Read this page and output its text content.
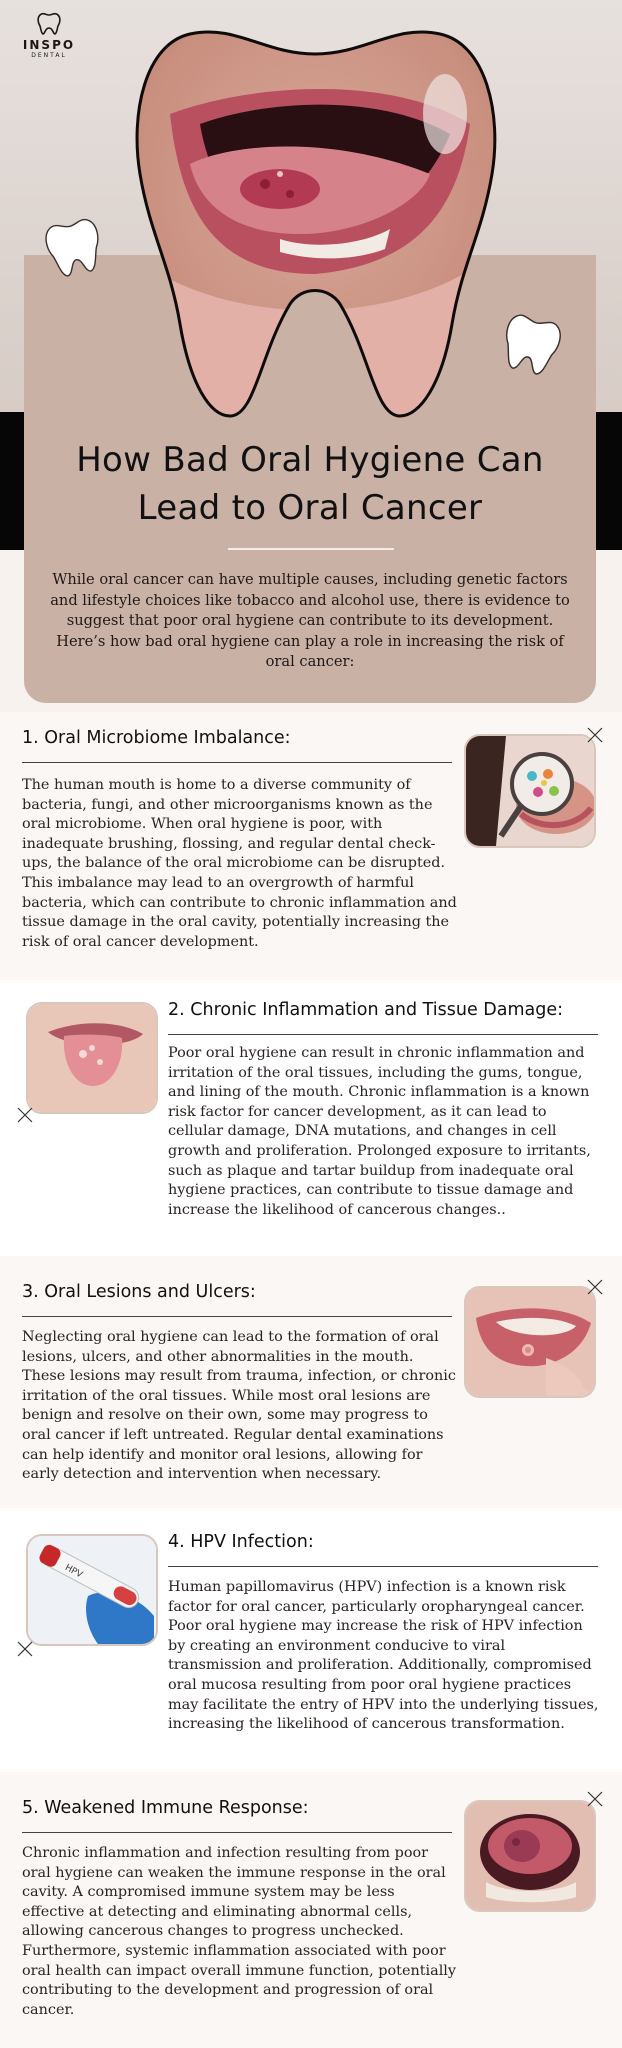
INSPO
DENTAL
How Bad Oral Hygiene Can
Lead to Oral Cancer

While oral cancer can have multiple causes, including genetic factors and lifestyle choices like tobacco and alcohol use, there is evidence to suggest that poor oral hygiene can contribute to its development. Here’s how bad oral hygiene can play a role in increasing the risk of oral cancer:

1. Oral Microbiome Imbalance:

The human mouth is home to a diverse community of bacteria, fungi, and other microorganisms known as the oral microbiome. When oral hygiene is poor, with inadequate brushing, flossing, and regular dental check-ups, the balance of the oral microbiome can be disrupted. This imbalance may lead to an overgrowth of harmful bacteria, which can contribute to chronic inflammation and tissue damage in the oral cavity, potentially increasing the risk of oral cancer development.

2. Chronic Inflammation and Tissue Damage:

Poor oral hygiene can result in chronic inflammation and irritation of the oral tissues, including the gums, tongue, and lining of the mouth. Chronic inflammation is a known risk factor for cancer development, as it can lead to cellular damage, DNA mutations, and changes in cell growth and proliferation. Prolonged exposure to irritants, such as plaque and tartar buildup from inadequate oral hygiene practices, can contribute to tissue damage and increase the likelihood of cancerous changes..

3. Oral Lesions and Ulcers:

Neglecting oral hygiene can lead to the formation of oral lesions, ulcers, and other abnormalities in the mouth. These lesions may result from trauma, infection, or chronic irritation of the oral tissues. While most oral lesions are benign and resolve on their own, some may progress to oral cancer if left untreated. Regular dental examinations can help identify and monitor oral lesions, allowing for early detection and intervention when necessary.

HPV
4. HPV Infection:

Human papillomavirus (HPV) infection is a known risk factor for oral cancer, particularly oropharyngeal cancer. Poor oral hygiene may increase the risk of HPV infection by creating an environment conducive to viral transmission and proliferation. Additionally, compromised oral mucosa resulting from poor oral hygiene practices may facilitate the entry of HPV into the underlying tissues, increasing the likelihood of cancerous transformation.

5. Weakened Immune Response:

Chronic inflammation and infection resulting from poor oral hygiene can weaken the immune response in the oral cavity. A compromised immune system may be less effective at detecting and eliminating abnormal cells, allowing cancerous changes to progress unchecked. Furthermore, systemic inflammation associated with poor oral health can impact overall immune function, potentially contributing to the development and progression of oral cancer.
